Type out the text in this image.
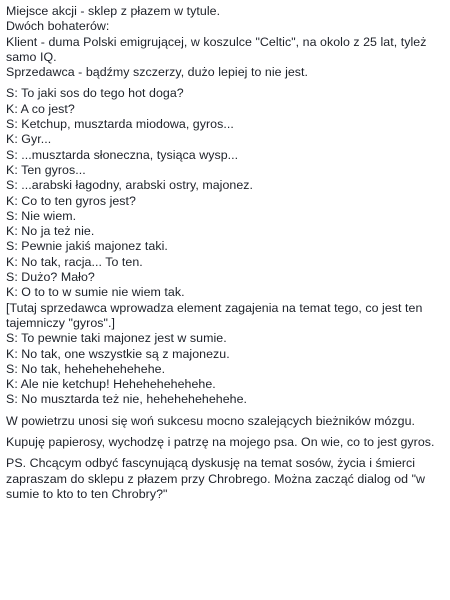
Miejsce akcji - sklep z płazem w tytule.
Dwóch bohaterów:
Klient - duma Polski emigrującej, w koszulce "Celtic", na okolo z 25 lat, tyleż samo IQ.
Sprzedawca - bądźmy szczerzy, dużo lepiej to nie jest.
S: To jaki sos do tego hot doga?
K: A co jest?
S: Ketchup, musztarda miodowa, gyros...
K: Gyr...
S: ...musztarda słoneczna, tysiąca wysp...
K: Ten gyros...
S: ...arabski łagodny, arabski ostry, majonez.
K: Co to ten gyros jest?
S: Nie wiem.
K: No ja też nie.
S: Pewnie jakiś majonez taki.
K: No tak, racja... To ten.
S: Dużo? Mało?
K: O to to w sumie nie wiem tak.
[Tutaj sprzedawca wprowadza element zagajenia na temat tego, co jest ten tajemniczy "gyros".]
S: To pewnie taki majonez jest w sumie.
K: No tak, one wszystkie są z majonezu.
S: No tak, hehehehehehehe.
K: Ale nie ketchup! Hehehehehehehe.
S: No musztarda też nie, hehehehehehehe.
W powietrzu unosi się woń sukcesu mocno szalejących bieżników mózgu.
Kupuję papierosy, wychodzę i patrzę na mojego psa. On wie, co to jest gyros.
PS. Chcącym odbyć fascynującą dyskusję na temat sosów, życia i śmierci zapraszam do sklepu z płazem przy Chrobrego. Można zacząć dialog od "w sumie to kto to ten Chrobry?"
